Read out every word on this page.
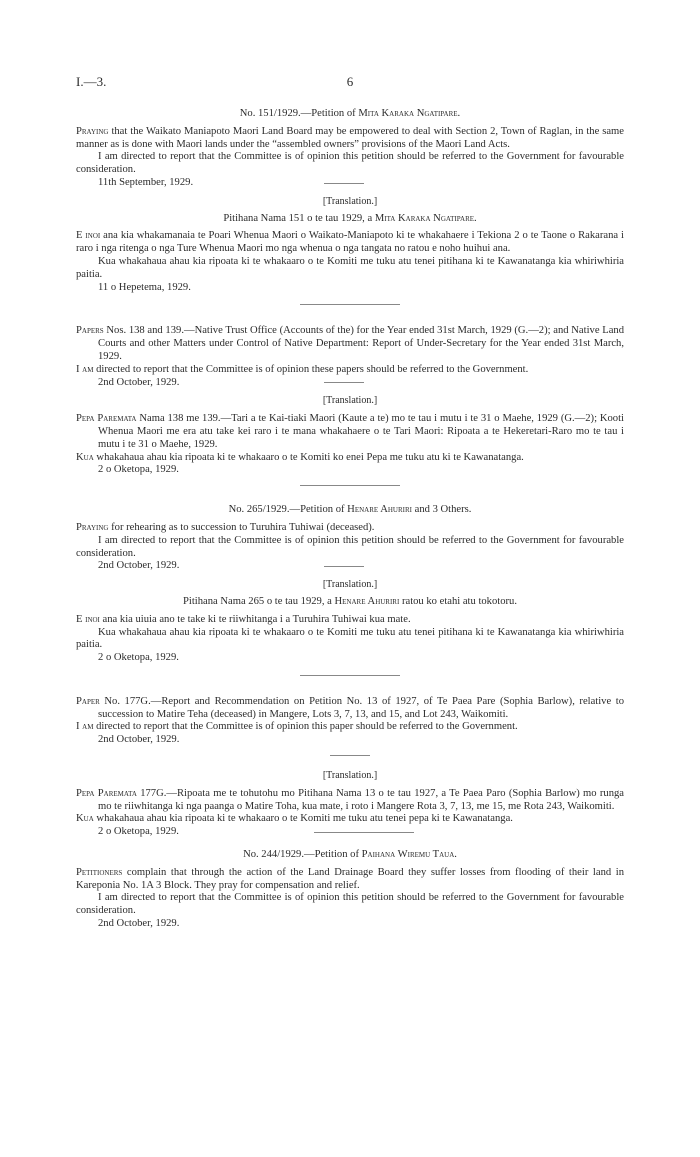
I.—3.	6

No. 151/1929.—Petition of Mita Karaka Ngatipare.

Praying that the Waikato Maniapoto Maori Land Board may be empowered to deal with Section 2, Town of Raglan, in the same manner as is done with Maori lands under the “assembled owners” provisions of the Maori Land Acts.

I am directed to report that the Committee is of opinion this petition should be referred to the Government for favourable consideration.

11th September, 1929.

[Translation.]

Pitihana Nama 151 o te tau 1929, a Mita Karaka Ngatipare.

E inoi ana kia whakamanaia te Poari Whenua Maori o Waikato-Maniapoto ki te whakahaere i Tekiona 2 o te Taone o Rakarana i raro i nga ritenga o nga Ture Whenua Maori mo nga whenua o nga tangata no ratou e noho huihui ana.

Kua whakahaua ahau kia ripoata ki te whakaaro o te Komiti me tuku atu tenei pitihana ki te Kawanatanga kia whiriwhiria paitia.

11 o Hepetema, 1929.

Papers Nos. 138 and 139.—Native Trust Office (Accounts of the) for the Year ended 31st March, 1929 (G.—2); and Native Land Courts and other Matters under Control of Native Department: Report of Under-Secretary for the Year ended 31st March, 1929.

I am directed to report that the Committee is of opinion these papers should be referred to the Government.

2nd October, 1929.

[Translation.]

Pepa Paremata Nama 138 me 139.—Tari a te Kai-tiaki Maori (Kaute a te) mo te tau i mutu i te 31 o Maehe, 1929 (G.—2); Kooti Whenua Maori me era atu take kei raro i te mana whakahaere o te Tari Maori: Ripoata a te Hekeretari-Raro mo te tau i mutu i te 31 o Maehe, 1929.

Kua whakahaua ahau kia ripoata ki te whakaaro o te Komiti ko enei Pepa me tuku atu ki te Kawanatanga.

2 o Oketopa, 1929.

No. 265/1929.—Petition of Henare Ahuriri and 3 Others.

Praying for rehearing as to succession to Turuhira Tuhiwai (deceased).

I am directed to report that the Committee is of opinion this petition should be referred to the Government for favourable consideration.

2nd October, 1929.

[Translation.]

Pitihana Nama 265 o te tau 1929, a Henare Ahuriri ratou ko etahi atu tokotoru.

E inoi ana kia uiuia ano te take ki te riiwhitanga i a Turuhira Tuhiwai kua mate.

Kua whakahaua ahau kia ripoata ki te whakaaro o te Komiti me tuku atu tenei pitihana ki te Kawanatanga kia whiriwhiria paitia.

2 o Oketopa, 1929.

Paper No. 177G.—Report and Recommendation on Petition No. 13 of 1927, of Te Paea Pare (Sophia Barlow), relative to succession to Matire Teha (deceased) in Mangere, Lots 3, 7, 13, and 15, and Lot 243, Waikomiti.

I am directed to report that the Committee is of opinion this paper should be referred to the Government.

2nd October, 1929.

[Translation.]

Pepa Paremata 177G.—Ripoata me te tohutohu mo Pitihana Nama 13 o te tau 1927, a Te Paea Paro (Sophia Barlow) mo runga mo te riiwhitanga ki nga paanga o Matire Toha, kua mate, i roto i Mangere Rota 3, 7, 13, me 15, me Rota 243, Waikomiti.

Kua whakahaua ahau kia ripoata ki te whakaaro o te Komiti me tuku atu tenei pepa ki te Kawanatanga.

2 o Oketopa, 1929.

No. 244/1929.—Petition of Paihana Wiremu Taua.

Petitioners complain that through the action of the Land Drainage Board they suffer losses from flooding of their land in Kareponia No. 1A 3 Block. They pray for compensation and relief.

I am directed to report that the Committee is of opinion this petition should be referred to the Government for favourable consideration.

2nd October, 1929.
